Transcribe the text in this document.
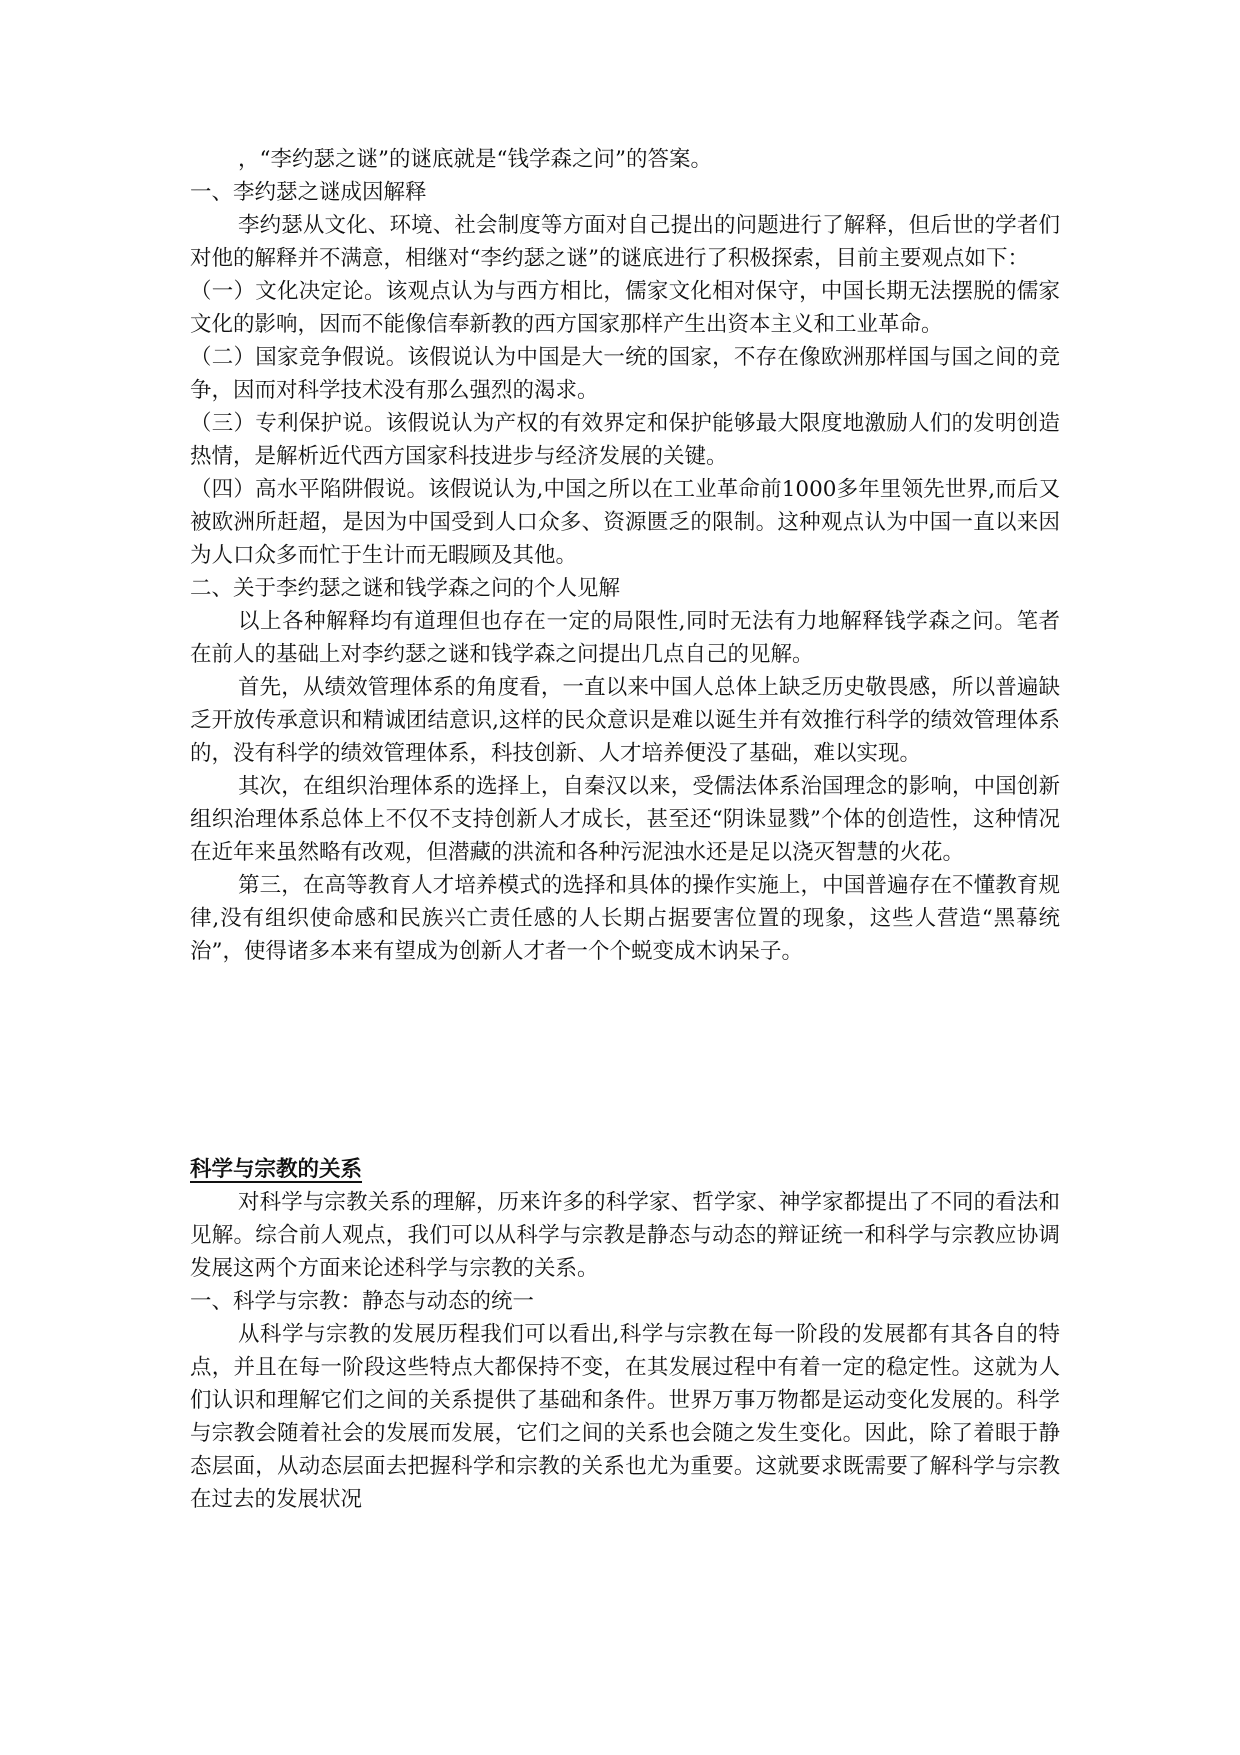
，“李约瑟之谜”的谜底就是“钱学森之问”的答案。
一、李约瑟之谜成因解释
李约瑟从文化、环境、社会制度等方面对自己提出的问题进行了解释，但后世的学者们对他的解释并不满意，相继对“李约瑟之谜”的谜底进行了积极探索，目前主要观点如下：
（一）文化决定论。该观点认为与西方相比，儒家文化相对保守，中国长期无法摆脱的儒家文化的影响，因而不能像信奉新教的西方国家那样产生出资本主义和工业革命。
（二）国家竞争假说。该假说认为中国是大一统的国家，不存在像欧洲那样国与国之间的竞争，因而对科学技术没有那么强烈的渴求。
（三）专利保护说。该假说认为产权的有效界定和保护能够最大限度地激励人们的发明创造热情，是解析近代西方国家科技进步与经济发展的关键。
（四）高水平陷阱假说。该假说认为,中国之所以在工业革命前1000多年里领先世界,而后又被欧洲所赶超，是因为中国受到人口众多、资源匮乏的限制。这种观点认为中国一直以来因为人口众多而忙于生计而无暇顾及其他。
二、关于李约瑟之谜和钱学森之问的个人见解
以上各种解释均有道理但也存在一定的局限性,同时无法有力地解释钱学森之问。笔者在前人的基础上对李约瑟之谜和钱学森之问提出几点自己的见解。
首先，从绩效管理体系的角度看，一直以来中国人总体上缺乏历史敬畏感，所以普遍缺乏开放传承意识和精诚团结意识,这样的民众意识是难以诞生并有效推行科学的绩效管理体系的，没有科学的绩效管理体系，科技创新、人才培养便没了基础，难以实现。
其次，在组织治理体系的选择上，自秦汉以来，受儒法体系治国理念的影响，中国创新组织治理体系总体上不仅不支持创新人才成长，甚至还“阴诛显戮”个体的创造性，这种情况在近年来虽然略有改观，但潜藏的洪流和各种污泥浊水还是足以浇灭智慧的火花。
第三，在高等教育人才培养模式的选择和具体的操作实施上，中国普遍存在不懂教育规律,没有组织使命感和民族兴亡责任感的人长期占据要害位置的现象，这些人营造“黑幕统治”，使得诸多本来有望成为创新人才者一个个蜕变成木讷呆子。
科学与宗教的关系
对科学与宗教关系的理解，历来许多的科学家、哲学家、神学家都提出了不同的看法和见解。综合前人观点，我们可以从科学与宗教是静态与动态的辩证统一和科学与宗教应协调发展这两个方面来论述科学与宗教的关系。
一、科学与宗教：静态与动态的统一
从科学与宗教的发展历程我们可以看出,科学与宗教在每一阶段的发展都有其各自的特点，并且在每一阶段这些特点大都保持不变，在其发展过程中有着一定的稳定性。这就为人们认识和理解它们之间的关系提供了基础和条件。世界万事万物都是运动变化发展的。科学与宗教会随着社会的发展而发展，它们之间的关系也会随之发生变化。因此，除了着眼于静态层面，从动态层面去把握科学和宗教的关系也尤为重要。这就要求既需要了解科学与宗教在过去的发展状况
